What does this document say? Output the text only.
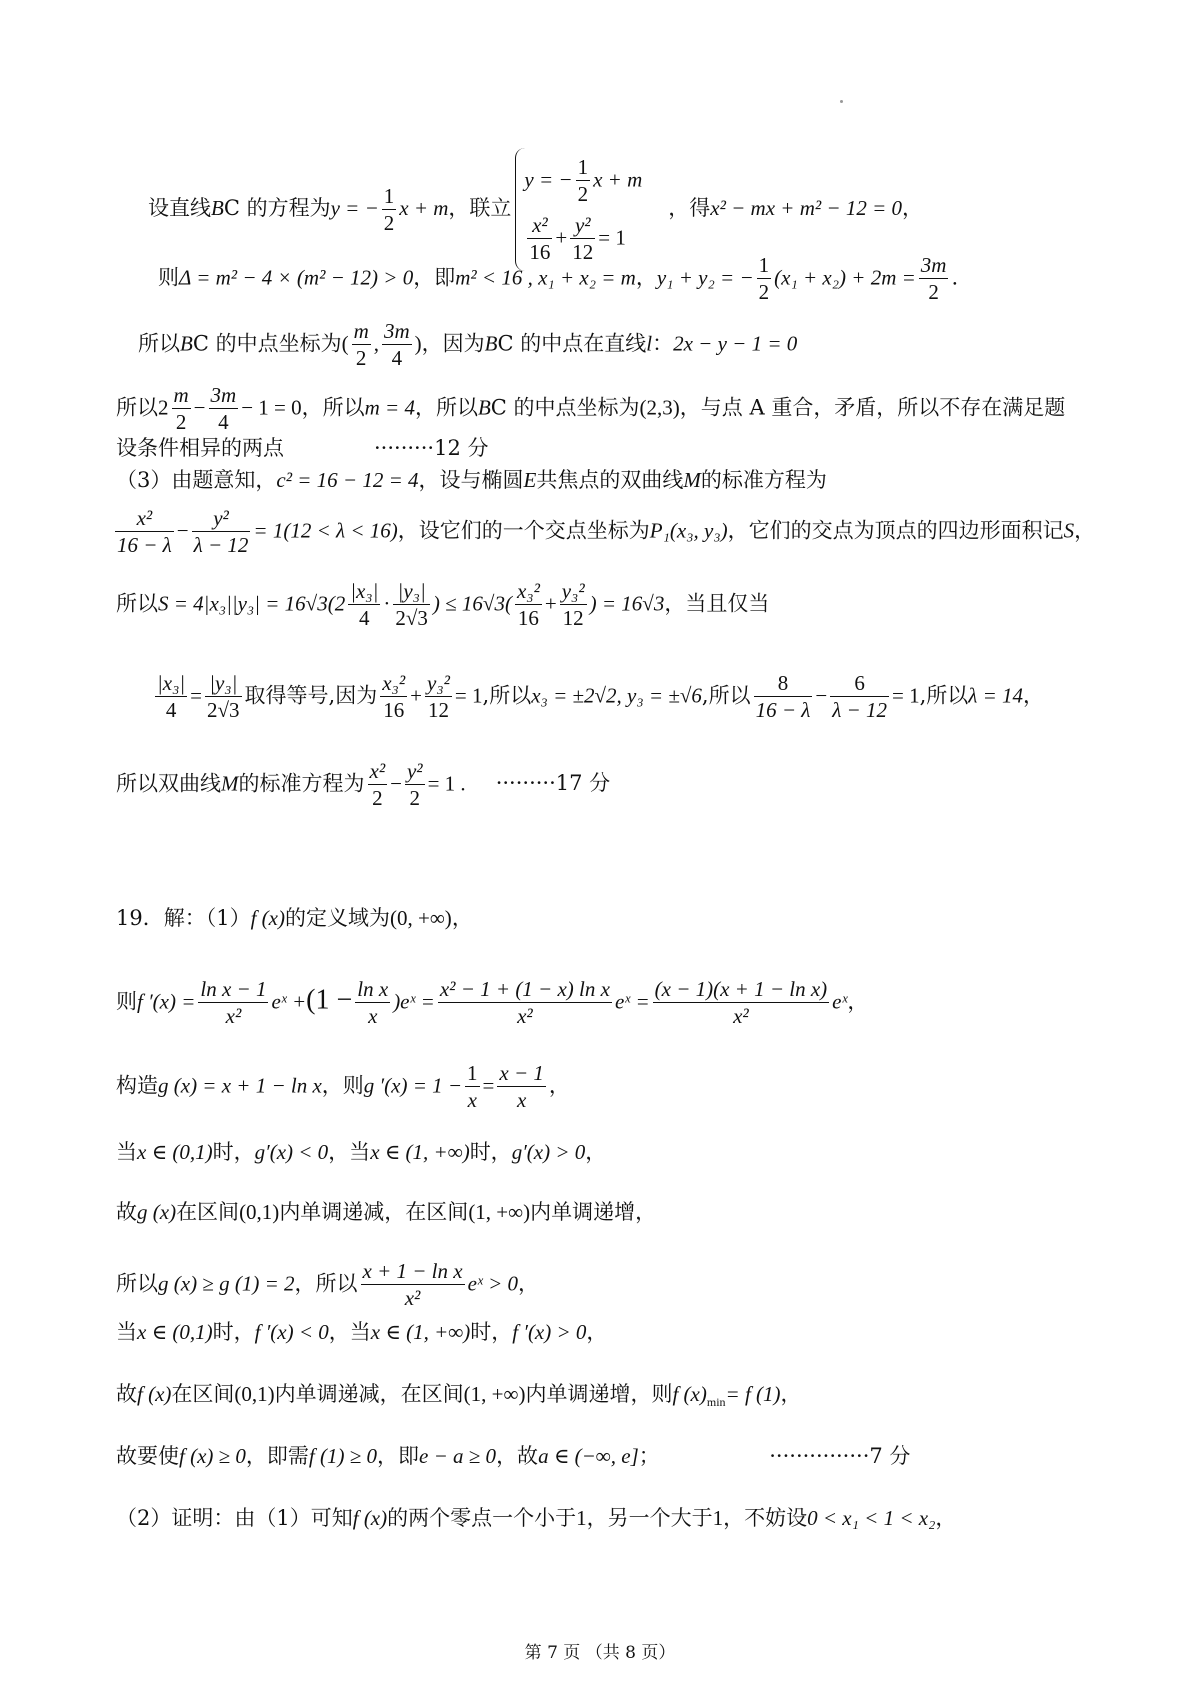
设直线BC 的方程为y = − $\frac{1}{2}$ x + m，联立
y = − $\frac{1}{2}$ x + m
$\frac{\text{x²}}{16} + \frac{\text{y²}}{12} = 1$
，得x² − mx + m² − 12 = 0，
则Δ = m² − 4 × (m² − 12) > 0，即m² < 16 , x₁ + x₂ = m，y₁ + y₂ = − $\frac{1}{2} (x_1 + x_2) + 2m = \frac{3m}{2}$ .
所以BC 的中点坐标为( $\frac{m}{2}$ , $\frac{3m}{4}$ )，因为BC 的中点在直线l：2x − y − 1 = 0
所以$2 \frac{m}{2} - \frac{3m}{4} - 1 = 0$，所以m = 4，所以BC 的中点坐标为(2,3)，与点 A 重合，矛盾，所以不存在满足题
设条件相异的两点	·········12 分
（3）由题意知，c² = 16 − 12 = 4，设与椭圆E共焦点的双曲线M的标准方程为
$\frac{\text{x²}}{16 - \lambda} - \frac{\text{y²}}{\lambda - 12} = 1(12 < \lambda < 16)$，设它们的一个交点坐标为P₁(x₃, y₃)，它们的交点为顶点的四边形面积记S，
所以$S = 4|x_3||y_3| = 16√3(2 \frac{\text{|x₃|}}{4} \cdot \frac{\text{|y₃|}}{2√3}$ ) ≤ $16√3( \frac{\text{x₃²}}{16} + \frac{\text{y₃²}}{12}$ ) = 16√3，当且仅当
$\frac{\text{|x₃|}}{4} = \frac{\text{|y₃|}}{2√3}$ 取得等号,因为 $\frac{\text{x₃²}}{16} + \frac{\text{y₃²}}{12} = 1$,所以x₃ = ±2√2, y₃ = ±√6,所以 $\frac{8}{16 - \lambda} - \frac{6}{\lambda - 12} = 1$,所以λ = 14，
所以双曲线M的标准方程为 $\frac{\text{x²}}{2} - \frac{\text{y²}}{2} = 1$ . ·········17 分
19．解：（1）f (x)的定义域为(0, +∞)，
则f $'(x) = \frac{\text{ln x − 1}}{\text{x²}}$ eˣ $+(1 - \frac{\text{ln x}}{x}$ )eˣ = $\frac{\text{x² − 1 + (1 − x) ln x}}{\text{x²}}$ eˣ = $\frac{\text{(x − 1)(x + 1 − ln x)}}{\text{x²}}$ eˣ，
构造g (x) = x + 1 − ln x，则g $'(x) = 1 - \frac{1}{x} = \frac{x - 1}{x}$ ，
当x ∈ (0,1)时，g′(x) < 0，当x ∈ (1, +∞)时，g′(x) > 0，
故g (x)在区间(0,1)内单调递减，在区间(1, +∞)内单调递增，
所以g (x) ≥ g (1) = 2，所以 $\frac{\text{x + 1 − ln x}}{\text{x²}}$ eˣ > 0，
当x ∈ (0,1)时，f ′(x) < 0，当x ∈ (1, +∞)时，f ′(x) > 0，
故f (x)在区间(0,1)内单调递减，在区间(1, +∞)内单调递增，则f $(x)_{min}= f$ (1)，
故要使f (x) ≥ 0，即需f (1) ≥ 0，即e − a ≥ 0，故a ∈ (−∞, e]；	···············7 分
（2）证明：由（1）可知f (x)的两个零点一个小于1，另一个大于1，不妨设0 < x₁ < 1 < x₂，
第 7 页 （共 8 页）
